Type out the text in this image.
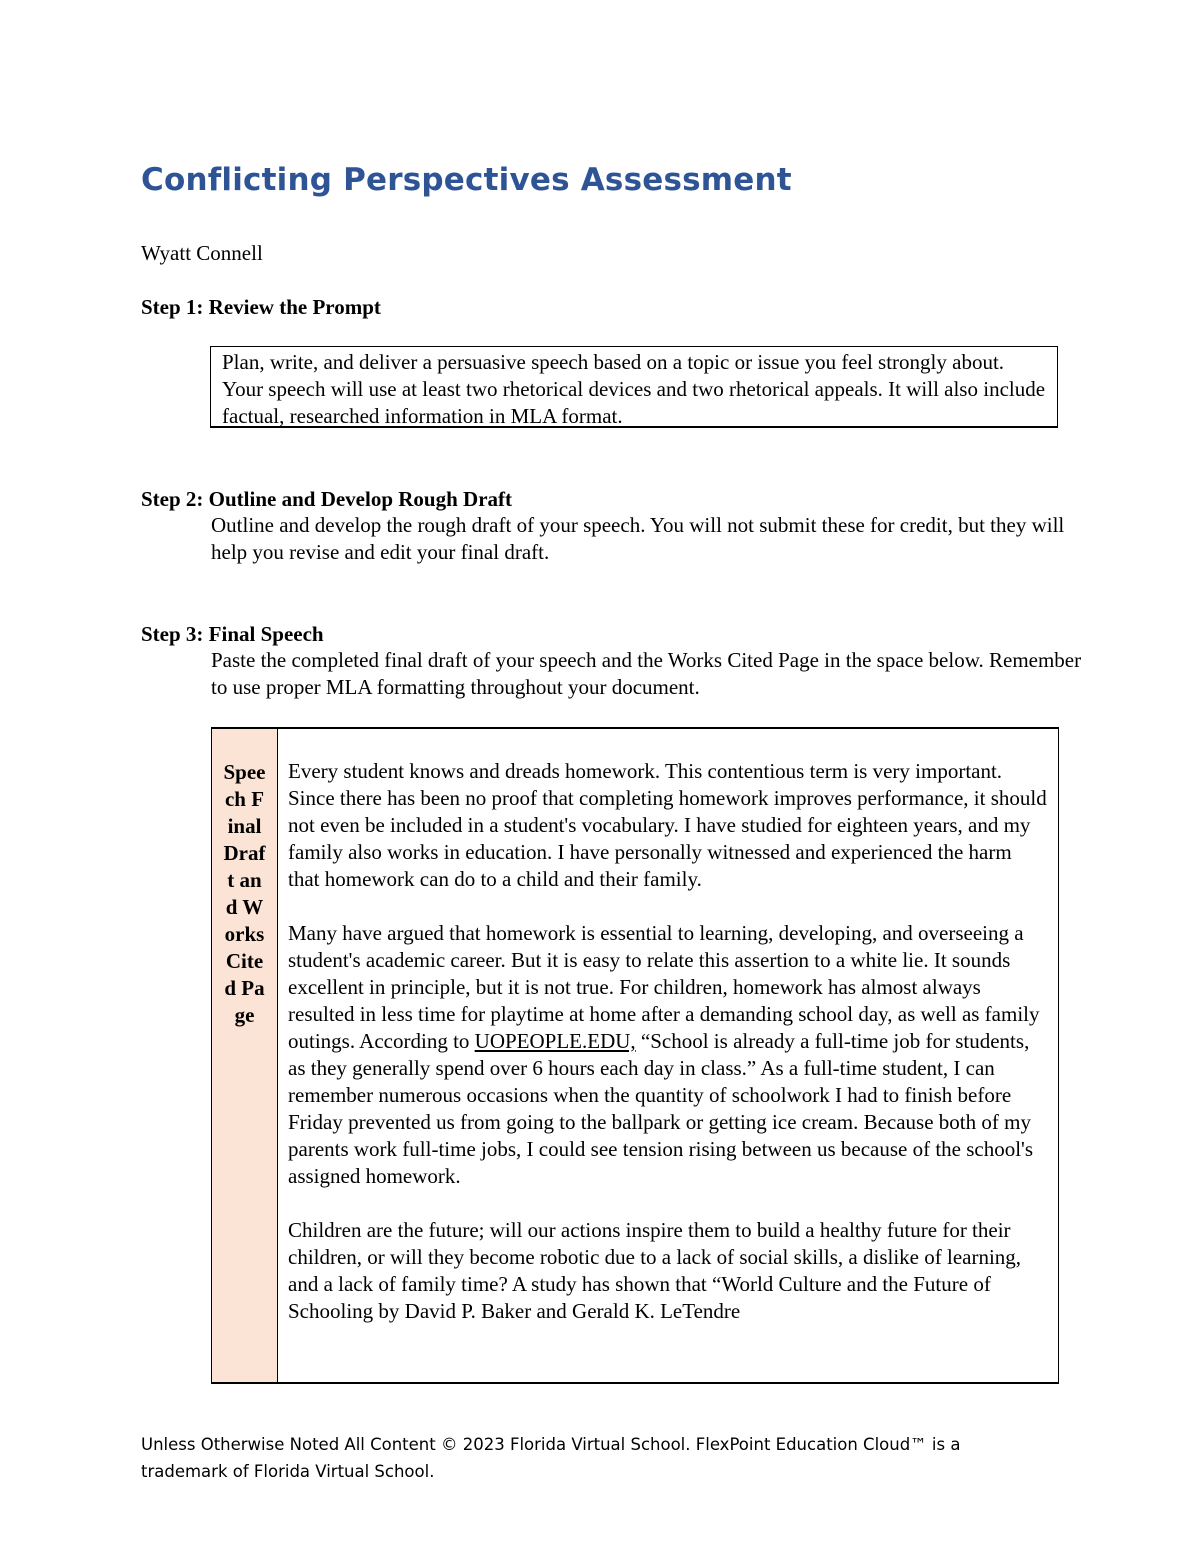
Conflicting Perspectives Assessment
Wyatt Connell
Step 1: Review the Prompt
Plan, write, and deliver a persuasive speech based on a topic or issue you feel strongly about. Your speech will use at least two rhetorical devices and two rhetorical appeals. It will also include factual, researched information in MLA format.
Step 2: Outline and Develop Rough Draft
Outline and develop the rough draft of your speech. You will not submit these for credit, but they will help you revise and edit your final draft.
Step 3: Final Speech
Paste the completed final draft of your speech and the Works Cited Page in the space below. Remember to use proper MLA formatting throughout your document.
Speech Final Draft and Works Cited Page

Every student knows and dreads homework. This contentious term is very important. Since there has been no proof that completing homework improves performance, it should not even be included in a student's vocabulary. I have studied for eighteen years, and my family also works in education. I have personally witnessed and experienced the harm that homework can do to a child and their family.

Many have argued that homework is essential to learning, developing, and overseeing a student's academic career. But it is easy to relate this assertion to a white lie. It sounds excellent in principle, but it is not true. For children, homework has almost always resulted in less time for playtime at home after a demanding school day, as well as family outings. According to UOPEOPLE.EDU, “School is already a full-time job for students, as they generally spend over 6 hours each day in class.” As a full-time student, I can remember numerous occasions when the quantity of schoolwork I had to finish before Friday prevented us from going to the ballpark or getting ice cream. Because both of my parents work full-time jobs, I could see tension rising between us because of the school's assigned homework.

Children are the future; will our actions inspire them to build a healthy future for their children, or will they become robotic due to a lack of social skills, a dislike of learning, and a lack of family time? A study has shown that “World Culture and the Future of Schooling by David P. Baker and Gerald K. LeTendre

Unless Otherwise Noted All Content © 2023 Florida Virtual School. FlexPoint Education Cloud™ is a trademark of Florida Virtual School.
